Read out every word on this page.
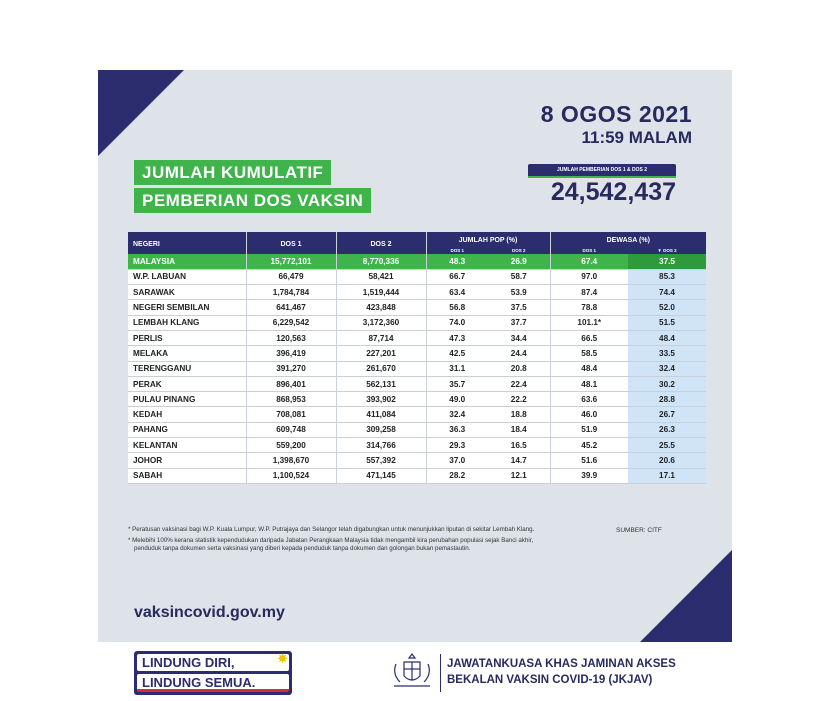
8 OGOS 2021
11:59 MALAM
JUMLAH KUMULATIF
PEMBERIAN DOS VAKSIN
JUMLAH PEMBERIAN DOS 1 & DOS 2
24,542,437
NEGERI	DOS 1	DOS 2	JUMLAH POP (%)		DEWASA (%)	
			DOS 1	DOS 2	DOS 1	▼ DOS 2
MALAYSIA	15,772,101	8,770,336	48.3	26.9	67.4	37.5
W.P. LABUAN	66,479	58,421	66.7	58.7	97.0	85.3
SARAWAK	1,784,784	1,519,444	63.4	53.9	87.4	74.4
NEGERI SEMBILAN	641,467	423,848	56.8	37.5	78.8	52.0
LEMBAH KLANG	6,229,542	3,172,360	74.0	37.7	101.1*	51.5
PERLIS	120,563	87,714	47.3	34.4	66.5	48.4
MELAKA	396,419	227,201	42.5	24.4	58.5	33.5
TERENGGANU	391,270	261,670	31.1	20.8	48.4	32.4
PERAK	896,401	562,131	35.7	22.4	48.1	30.2
PULAU PINANG	868,953	393,902	49.0	22.2	63.6	28.8
KEDAH	708,081	411,084	32.4	18.8	46.0	26.7
PAHANG	609,748	309,258	36.3	18.4	51.9	26.3
KELANTAN	559,200	314,766	29.3	16.5	45.2	25.5
JOHOR	1,398,670	557,392	37.0	14.7	51.6	20.6
SABAH	1,100,524	471,145	28.2	12.1	39.9	17.1

* Peratusan vaksinasi bagi W.P. Kuala Lumpur, W.P. Putrajaya dan Selangor telah digabungkan untuk menunjukkan liputan di sekitar Lembah Klang.

* Melebihi 100% kerana statistik kependudukan daripada Jabatan Perangkaan Malaysia tidak mengambil kira perubahan populasi sejak Banci akhir, penduduk tanpa dokumen serta vaksinasi yang diberi kepada penduduk tanpa dokumen dan golongan bukan pemastautin.

SUMBER: CITF
vaksincovid.gov.my
LINDUNG DIRI,
LINDUNG SEMUA.
✸	JAWATANKUASA KHAS JAMINAN AKSES
BEKALAN VAKSIN COVID-19 (JKJAV)
